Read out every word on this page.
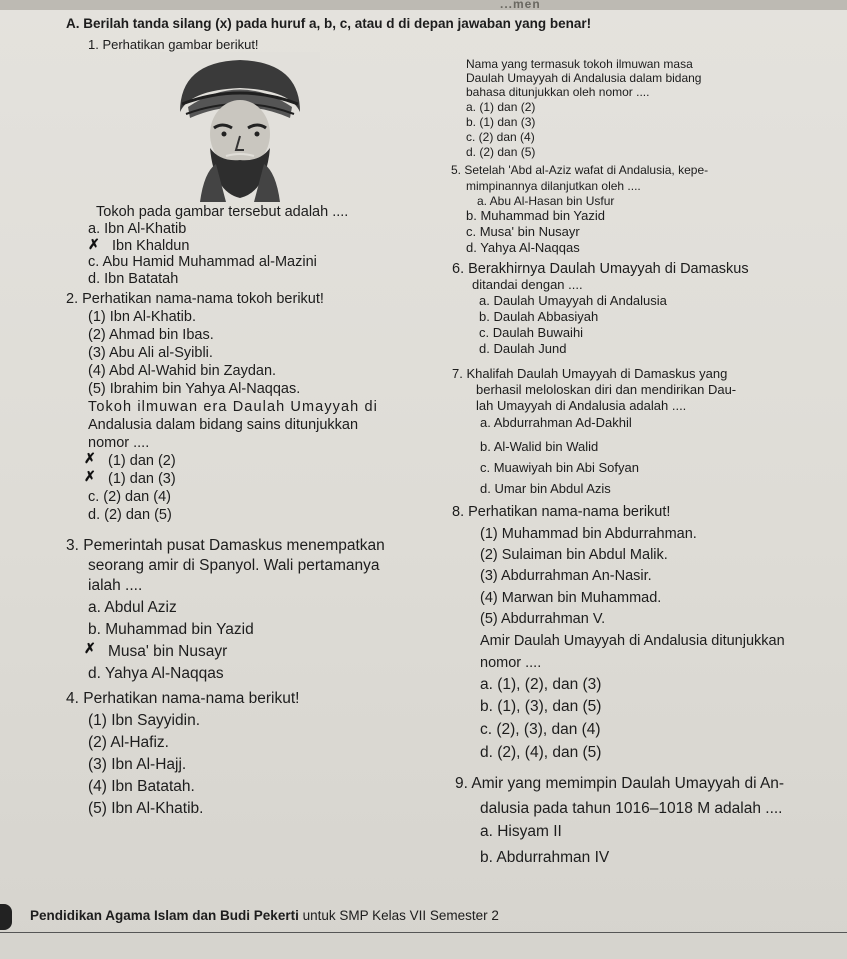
...men
A. Berilah tanda silang (x) pada huruf a, b, c, atau d di depan jawaban yang benar!
1. Perhatikan gambar berikut!
Tokoh pada gambar tersebut adalah ....
a. Ibn Al-Khatib
✗ Ibn Khaldun
c. Abu Hamid Muhammad al-Mazini
d. Ibn Batatah
2. Perhatikan nama-nama tokoh berikut!
(1) Ibn Al-Khatib.
(2) Ahmad bin Ibas.
(3) Abu Ali al-Syibli.
(4) Abd Al-Wahid bin Zaydan.
(5) Ibrahim bin Yahya Al-Naqqas.
Tokoh ilmuwan era Daulah Umayyah di
Andalusia dalam bidang sains ditunjukkan
nomor ....
✗ (1) dan (2)
✗ (1) dan (3)
c. (2) dan (4)
d. (2) dan (5)
3. Pemerintah pusat Damaskus menempatkan
seorang amir di Spanyol. Wali pertamanya
ialah ....
a. Abdul Aziz
b. Muhammad bin Yazid
✗ Musa' bin Nusayr
d. Yahya Al-Naqqas
4. Perhatikan nama-nama berikut!
(1) Ibn Sayyidin.
(2) Al-Hafiz.
(3) Ibn Al-Hajj.
(4) Ibn Batatah.
(5) Ibn Al-Khatib.
Nama yang termasuk tokoh ilmuwan masa
Daulah Umayyah di Andalusia dalam bidang
bahasa ditunjukkan oleh nomor ....
a. (1) dan (2)
b. (1) dan (3)
c. (2) dan (4)
d. (2) dan (5)
5. Setelah 'Abd al-Aziz wafat di Andalusia, kepe-
mimpinannya dilanjutkan oleh ....
a. Abu Al-Hasan bin Usfur
b. Muhammad bin Yazid
c. Musa' bin Nusayr
d. Yahya Al-Naqqas
6. Berakhirnya Daulah Umayyah di Damaskus
ditandai dengan ....
a. Daulah Umayyah di Andalusia
b. Daulah Abbasiyah
c. Daulah Buwaihi
d. Daulah Jund
7. Khalifah Daulah Umayyah di Damaskus yang
berhasil meloloskan diri dan mendirikan Dau-
lah Umayyah di Andalusia adalah ....
a. Abdurrahman Ad-Dakhil
b. Al-Walid bin Walid
c. Muawiyah bin Abi Sofyan
d. Umar bin Abdul Azis
8. Perhatikan nama-nama berikut!
(1) Muhammad bin Abdurrahman.
(2) Sulaiman bin Abdul Malik.
(3) Abdurrahman An-Nasir.
(4) Marwan bin Muhammad.
(5) Abdurrahman V.
Amir Daulah Umayyah di Andalusia ditunjukkan
nomor ....
a. (1), (2), dan (3)
b. (1), (3), dan (5)
c. (2), (3), dan (4)
d. (2), (4), dan (5)
9. Amir yang memimpin Daulah Umayyah di An-
dalusia pada tahun 1016–1018 M adalah ....
a. Hisyam II
b. Abdurrahman IV
Pendidikan Agama Islam dan Budi Pekerti untuk SMP Kelas VII Semester 2
